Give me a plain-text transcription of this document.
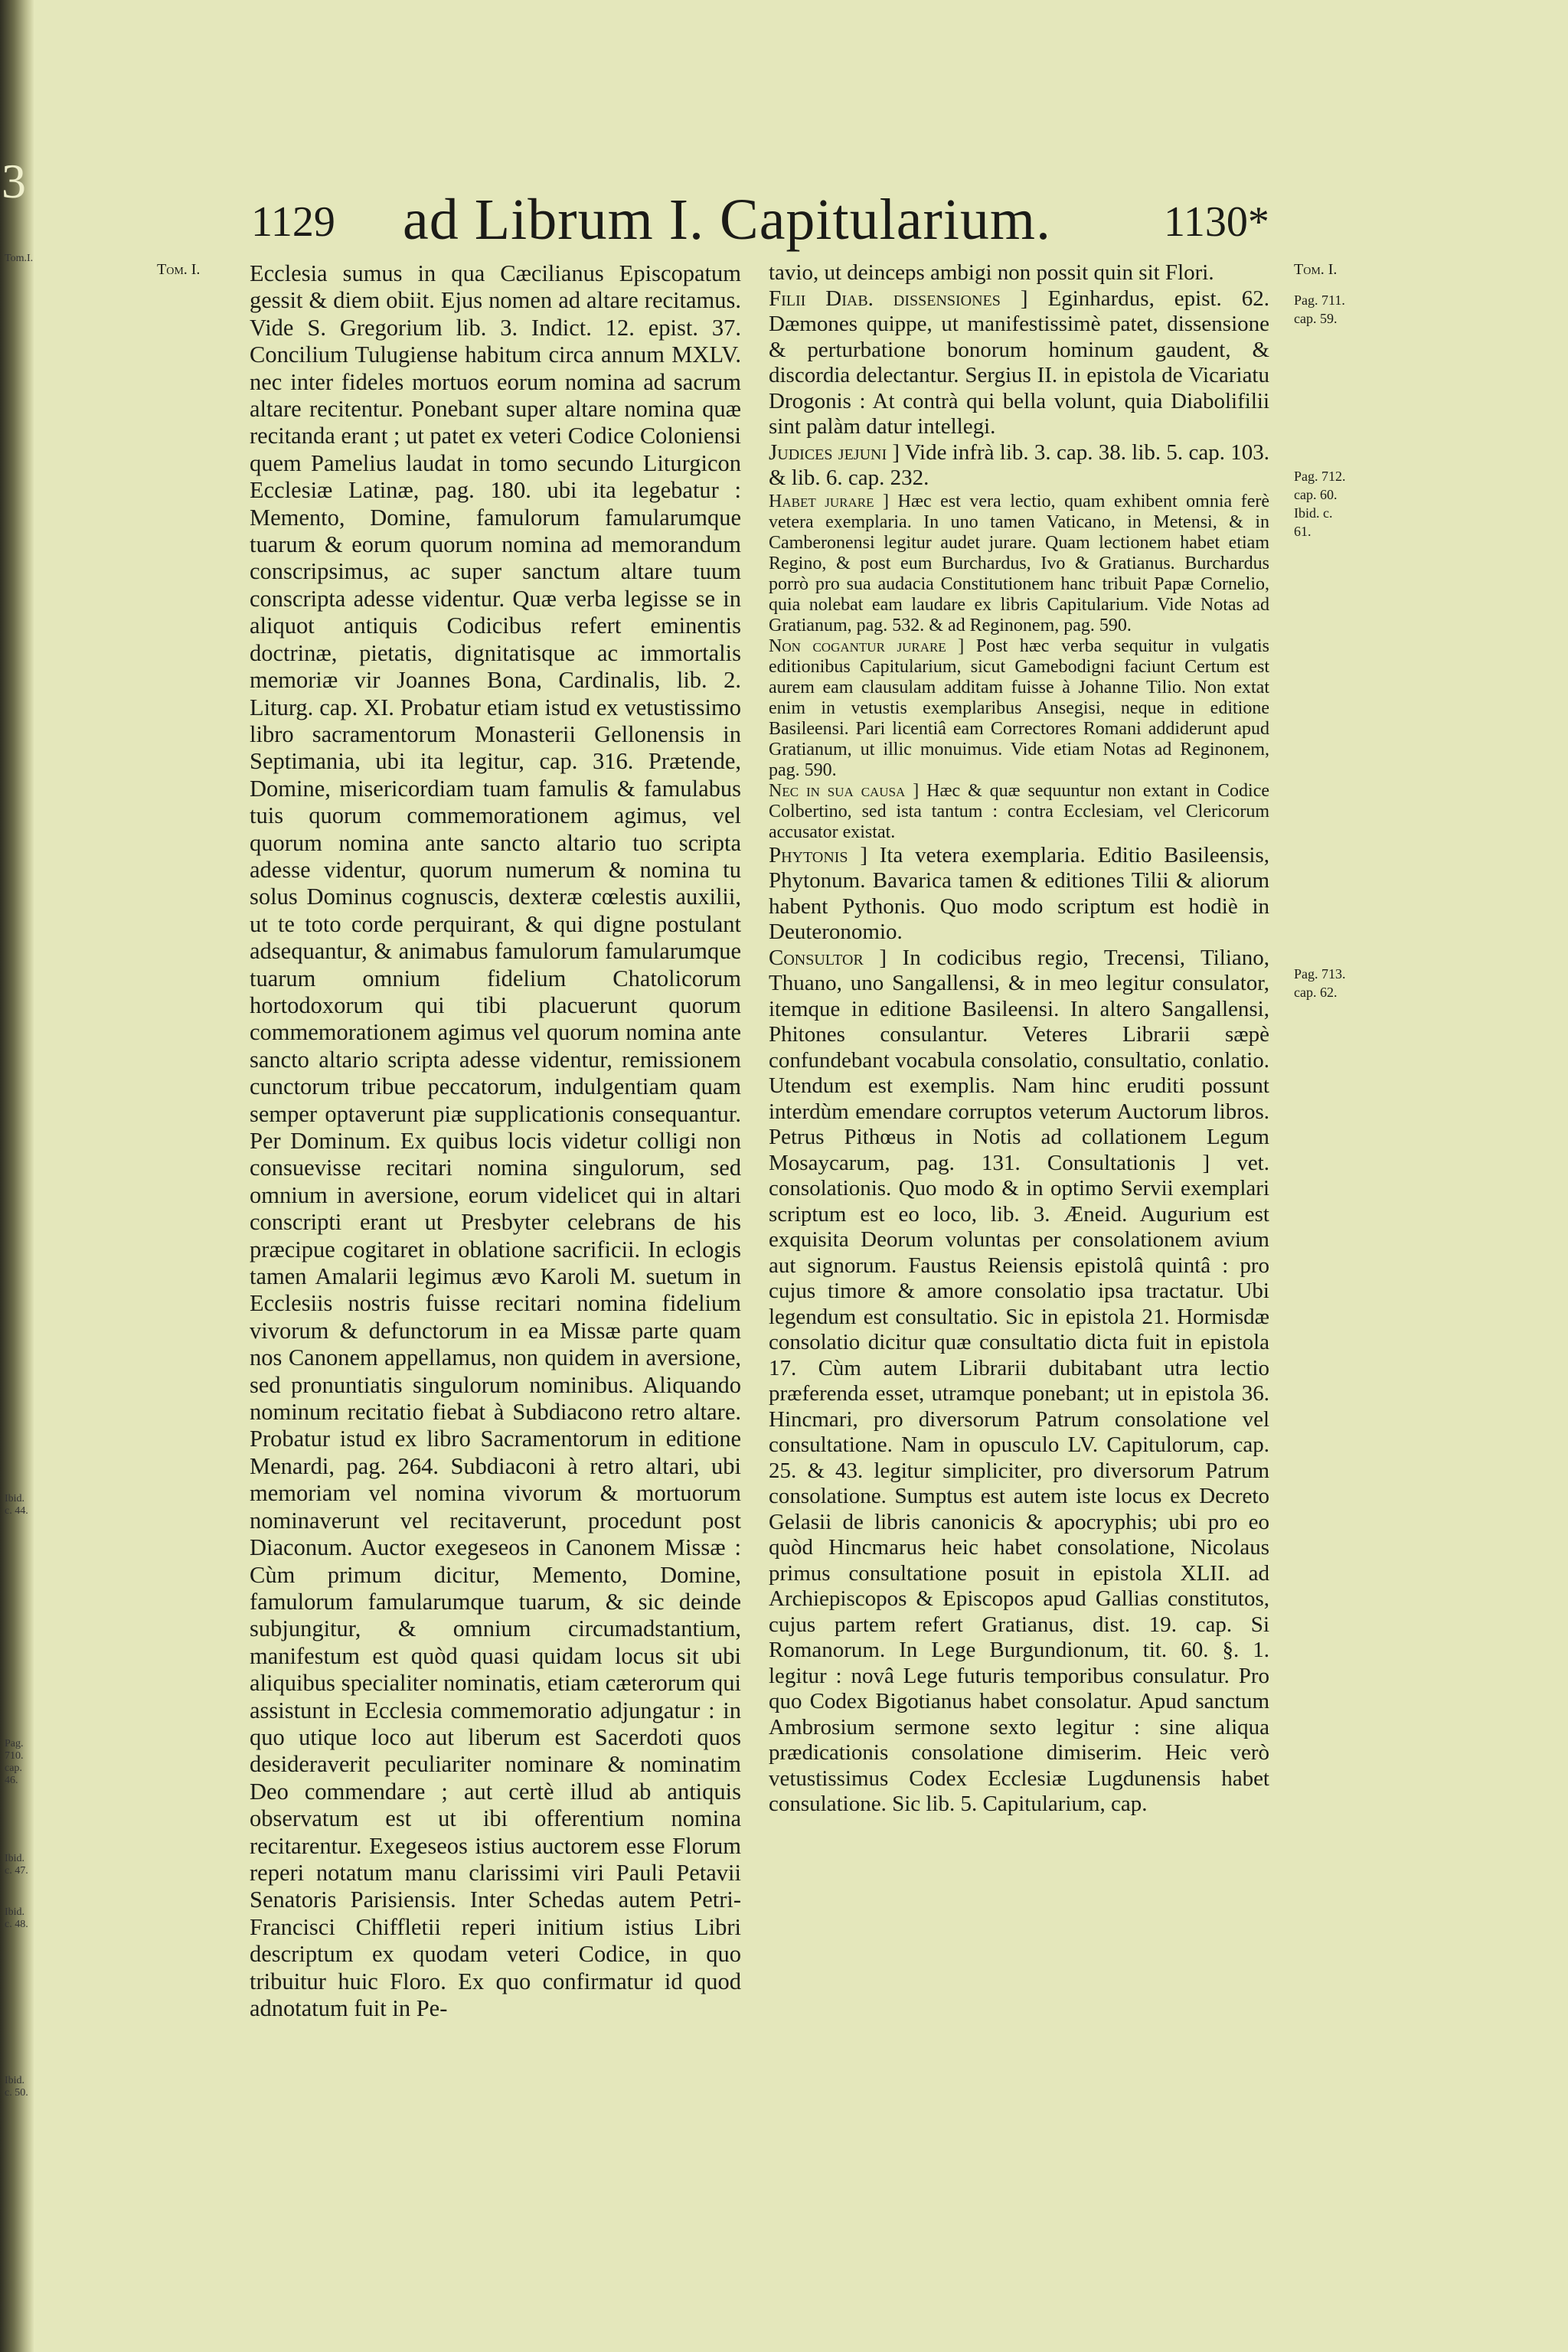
3
Tom.I.
Ibid. c. 44.
Pag. 710. cap. 46.
Ibid. c. 47.
Ibid. c. 48.
Ibid. c. 50.
1129 ad Librum I. Capitularium.	1130*
Tom. I.	Tom. I.
Pag. 711. cap. 59.
Pag. 712. cap. 60. Ibid. c. 61.
Pag. 713. cap. 62.

Ecclesia sumus in qua Cæcilianus Episcopatum gessit & diem obiit. Ejus nomen ad altare recitamus. Vide S. Gregorium lib. 3. Indict. 12. epist. 37. Concilium Tulugiense habitum circa annum MXLV. nec inter fideles mortuos eorum nomina ad sacrum altare recitentur. Ponebant super altare nomina quæ recitanda erant ; ut patet ex veteri Codice Coloniensi quem Pamelius laudat in tomo secundo Liturgicon Ecclesiæ Latinæ, pag. 180. ubi ita legebatur : Memento, Domine, famulorum famularumque tuarum & eorum quorum nomina ad memorandum conscripsimus, ac super sanctum altare tuum conscripta adesse videntur. Quæ verba legisse se in aliquot antiquis Codicibus refert eminentis doctrinæ, pietatis, dignitatisque ac immortalis memoriæ vir Joannes Bona, Cardinalis, lib. 2. Liturg. cap. XI. Probatur etiam istud ex vetustissimo libro sacramentorum Monasterii Gellonensis in Septimania, ubi ita legitur, cap. 316. Prætende, Domine, misericordiam tuam famulis & famulabus tuis quorum commemorationem agimus, vel quorum nomina ante sancto altario tuo scripta adesse videntur, quorum numerum & nomina tu solus Dominus cognuscis, dexteræ cœlestis auxilii, ut te toto corde perquirant, & qui digne postulant adsequantur, & animabus famulorum famularumque tuarum omnium fidelium Chatolicorum hortodoxorum qui tibi placuerunt quorum commemorationem agimus vel quorum nomina ante sancto altario scripta adesse videntur, remissionem cunctorum tribue peccatorum, indulgentiam quam semper optaverunt piæ supplicationis consequantur. Per Dominum. Ex quibus locis videtur colligi non consuevisse recitari nomina singulorum, sed omnium in aversione, eorum videlicet qui in altari conscripti erant ut Presbyter celebrans de his præcipue cogitaret in oblatione sacrificii. In eclogis tamen Amalarii legimus ævo Karoli M. suetum in Ecclesiis nostris fuisse recitari nomina fidelium vivorum & defunctorum in ea Missæ parte quam nos Canonem appellamus, non quidem in aversione, sed pronuntiatis singulorum nominibus. Aliquando nominum recitatio fiebat à Subdiacono retro altare. Probatur istud ex libro Sacramentorum in editione Menardi, pag. 264. Subdiaconi à retro altari, ubi memoriam vel nomina vivorum & mortuorum nominaverunt vel recitaverunt, procedunt post Diaconum. Auctor exegeseos in Canonem Missæ : Cùm primum dicitur, Memento, Domine, famulorum famularumque tuarum, & sic deinde subjungitur, & omnium circumadstantium, manifestum est quòd quasi quidam locus sit ubi aliquibus specialiter nominatis, etiam cæterorum qui assistunt in Ecclesia commemoratio adjungatur : in quo utique loco aut liberum est Sacerdoti quos desideraverit peculiariter nominare & nominatim Deo commendare ; aut certè illud ab antiquis observatum est ut ibi offerentium nomina recitarentur. Exegeseos istius auctorem esse Florum reperi notatum manu clarissimi viri Pauli Petavii Senatoris Parisiensis. Inter Schedas autem Petri-Francisci Chiffletii reperi initium istius Libri descriptum ex quodam veteri Codice, in quo tribuitur huic Floro. Ex quo confirmatur id quod adnotatum fuit in Pe-

tavio, ut deinceps ambigi non possit quin sit Flori.

Filii Diab. dissensiones ] Eginhardus, epist. 62. Dæmones quippe, ut manifestissimè patet, dissensione & perturbatione bonorum hominum gaudent, & discordia delectantur. Sergius II. in epistola de Vicariatu Drogonis : At contrà qui bella volunt, quia Diabolifilii sint palàm datur intellegi.

Judices jejuni ] Vide infrà lib. 3. cap. 38. lib. 5. cap. 103. & lib. 6. cap. 232.

Habet jurare ] Hæc est vera lectio, quam exhibent omnia ferè vetera exemplaria. In uno tamen Vaticano, in Metensi, & in Camberonensi legitur audet jurare. Quam lectionem habet etiam Regino, & post eum Burchardus, Ivo & Gratianus. Burchardus porrò pro sua audacia Constitutionem hanc tribuit Papæ Cornelio, quia nolebat eam laudare ex libris Capitularium. Vide Notas ad Gratianum, pag. 532. & ad Reginonem, pag. 590.

Non cogantur jurare ] Post hæc verba sequitur in vulgatis editionibus Capitularium, sicut Gamebodigni faciunt Certum est aurem eam clausulam additam fuisse à Johanne Tilio. Non extat enim in vetustis exemplaribus Ansegisi, neque in editione Basileensi. Pari licentiâ eam Correctores Romani addiderunt apud Gratianum, ut illic monuimus. Vide etiam Notas ad Reginonem, pag. 590.

Nec in sua causa ] Hæc & quæ sequuntur non extant in Codice Colbertino, sed ista tantum : contra Ecclesiam, vel Clericorum accusator existat.

Phytonis ] Ita vetera exemplaria. Editio Basileensis, Phytonum. Bavarica tamen & editiones Tilii & aliorum habent Pythonis. Quo modo scriptum est hodiè in Deuteronomio.

Consultor ] In codicibus regio, Trecensi, Tiliano, Thuano, uno Sangallensi, & in meo legitur consulator, itemque in editione Basileensi. In altero Sangallensi, Phitones consulantur. Veteres Librarii sæpè confundebant vocabula consolatio, consultatio, conlatio. Utendum est exemplis. Nam hinc eruditi possunt interdùm emendare corruptos veterum Auctorum libros. Petrus Pithœus in Notis ad collationem Legum Mosaycarum, pag. 131. Consultationis ] vet. consolationis. Quo modo & in optimo Servii exemplari scriptum est eo loco, lib. 3. Æneid. Augurium est exquisita Deorum voluntas per consolationem avium aut signorum. Faustus Reiensis epistolâ quintâ : pro cujus timore & amore consolatio ipsa tractatur. Ubi legendum est consultatio. Sic in epistola 21. Hormisdæ consolatio dicitur quæ consultatio dicta fuit in epistola 17. Cùm autem Librarii dubitabant utra lectio præferenda esset, utramque ponebant; ut in epistola 36. Hincmari, pro diversorum Patrum consolatione vel consultatione. Nam in opusculo LV. Capitulorum, cap. 25. & 43. legitur simpliciter, pro diversorum Patrum consolatione. Sumptus est autem iste locus ex Decreto Gelasii de libris canonicis & apocryphis; ubi pro eo quòd Hincmarus heic habet consolatione, Nicolaus primus consultatione posuit in epistola XLII. ad Archiepiscopos & Episcopos apud Gallias constitutos, cujus partem refert Gratianus, dist. 19. cap. Si Romanorum. In Lege Burgundionum, tit. 60. §. 1. legitur : novâ Lege futuris temporibus consulatur. Pro quo Codex Bigotianus habet consolatur. Apud sanctum Ambrosium sermone sexto legitur : sine aliqua prædicationis consolatione dimiserim. Heic verò vetustissimus Codex Ecclesiæ Lugdunensis habet consulatione. Sic lib. 5. Capitularium, cap.
